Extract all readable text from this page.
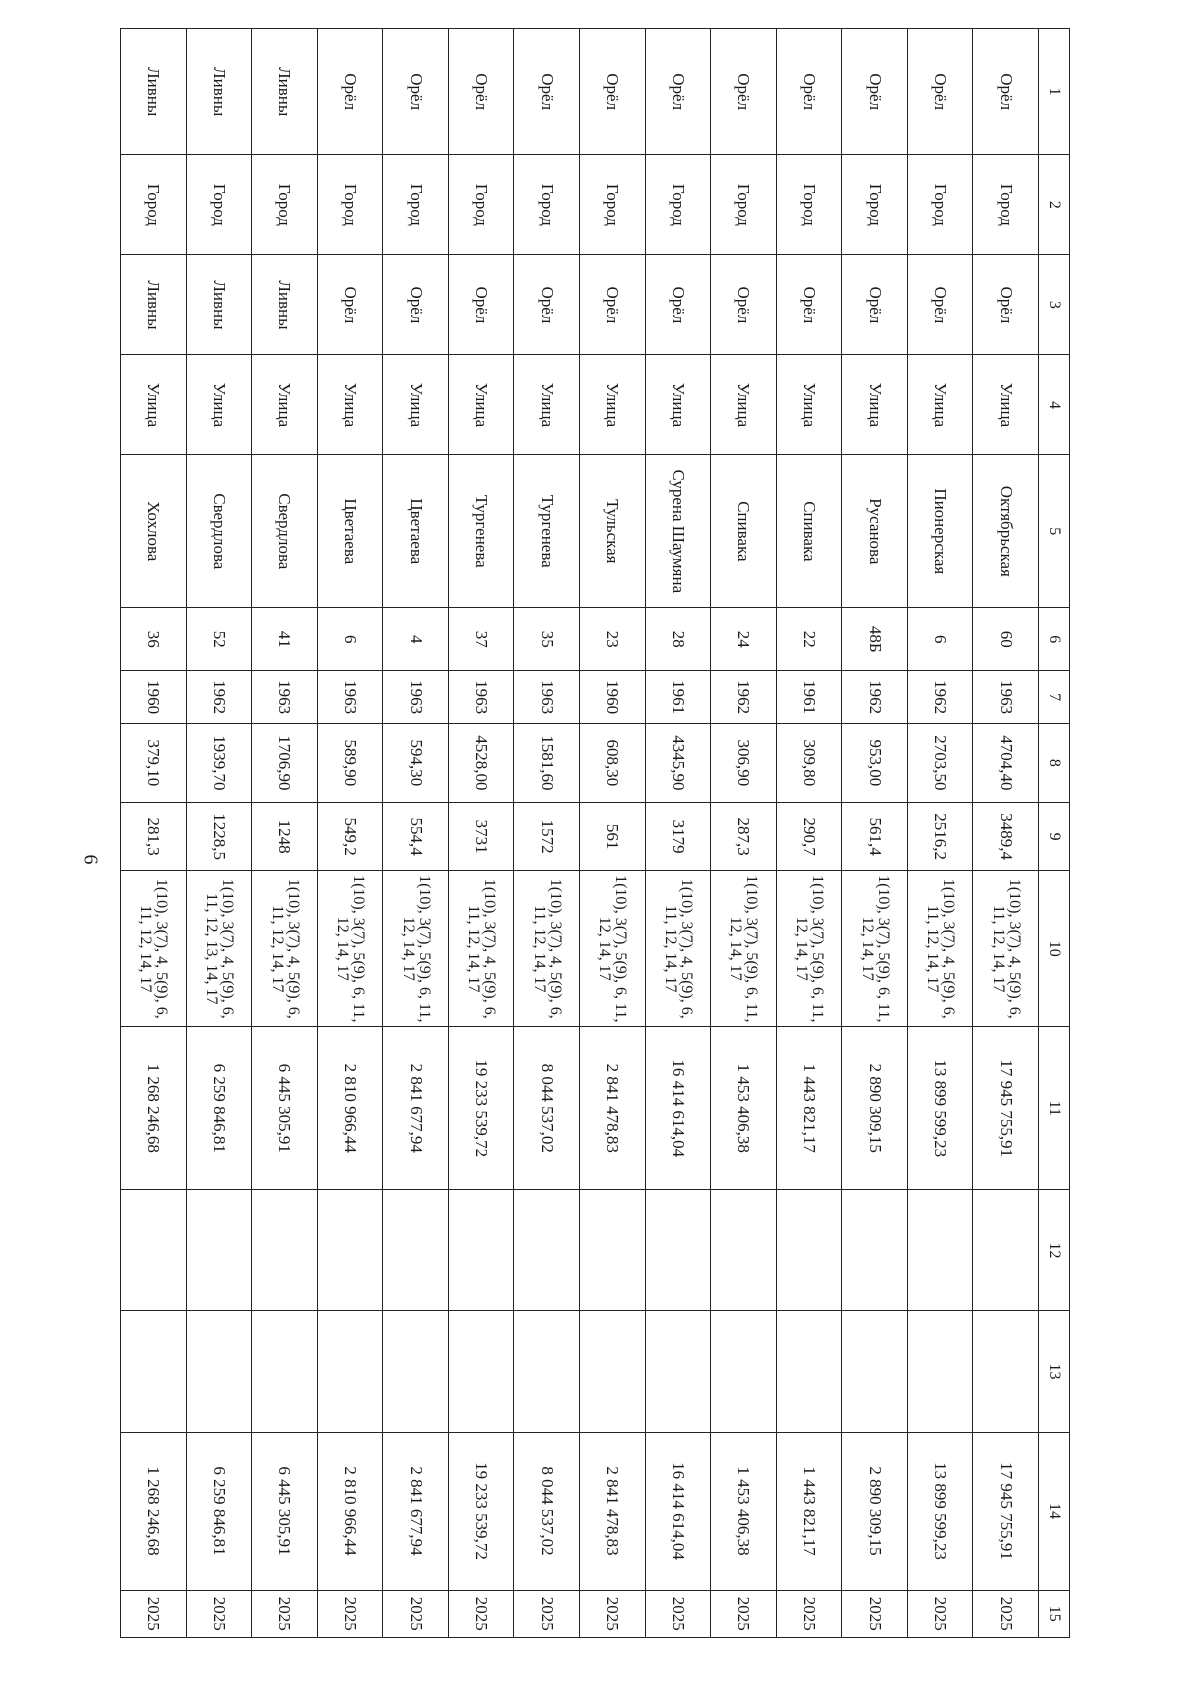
6
1	2	3	4	5	6	7	8	9	10	11	12	13	14	15
Орёл	Город	Орёл	Улица	Октябрьская	60	1963	4704,40	3489,4	1(10), 3(7), 4, 5(9), 6, 11, 12, 14, 17	17 945 755,91			17 945 755,91	2025
Орёл	Город	Орёл	Улица	Пионерская	6	1962	2703,50	2516,2	1(10), 3(7), 4, 5(9), 6, 11, 12, 14, 17	13 899 599,23			13 899 599,23	2025
Орёл	Город	Орёл	Улица	Русанова	48Б	1962	953,00	561,4	1(10), 3(7), 5(9), 6, 11, 12, 14, 17	2 890 309,15			2 890 309,15	2025
Орёл	Город	Орёл	Улица	Спивака	22	1961	309,80	290,7	1(10), 3(7), 5(9), 6, 11, 12, 14, 17	1 443 821,17			1 443 821,17	2025
Орёл	Город	Орёл	Улица	Спивака	24	1962	306,90	287,3	1(10), 3(7), 5(9), 6, 11, 12, 14, 17	1 453 406,38			1 453 406,38	2025
Орёл	Город	Орёл	Улица	Сурена Шаумяна	28	1961	4345,90	3179	1(10), 3(7), 4, 5(9), 6, 11, 12, 14, 17	16 414 614,04			16 414 614,04	2025
Орёл	Город	Орёл	Улица	Тульская	23	1960	608,30	561	1(10), 3(7), 5(9), 6, 11, 12, 14, 17	2 841 478,83			2 841 478,83	2025
Орёл	Город	Орёл	Улица	Тургенева	35	1963	1581,60	1572	1(10), 3(7), 4, 5(9), 6, 11, 12, 14, 17	8 044 537,02			8 044 537,02	2025
Орёл	Город	Орёл	Улица	Тургенева	37	1963	4528,00	3731	1(10), 3(7), 4, 5(9), 6, 11, 12, 14, 17	19 233 539,72			19 233 539,72	2025
Орёл	Город	Орёл	Улица	Цветаева	4	1963	594,30	554,4	1(10), 3(7), 5(9), 6, 11, 12, 14, 17	2 841 677,94			2 841 677,94	2025
Орёл	Город	Орёл	Улица	Цветаева	6	1963	589,90	549,2	1(10), 3(7), 5(9), 6, 11, 12, 14, 17	2 810 966,44			2 810 966,44	2025
Ливны	Город	Ливны	Улица	Свердлова	41	1963	1706,90	1248	1(10), 3(7), 4, 5(9), 6, 11, 12, 14, 17	6 445 305,91			6 445 305,91	2025
Ливны	Город	Ливны	Улица	Свердлова	52	1962	1939,70	1228,5	1(10), 3(7), 4, 5(9), 6, 11, 12, 13, 14, 17	6 259 846,81			6 259 846,81	2025
Ливны	Город	Ливны	Улица	Хохлова	36	1960	379,10	281,3	1(10), 3(7), 4, 5(9), 6, 11, 12, 14, 17	1 268 246,68			1 268 246,68	2025
